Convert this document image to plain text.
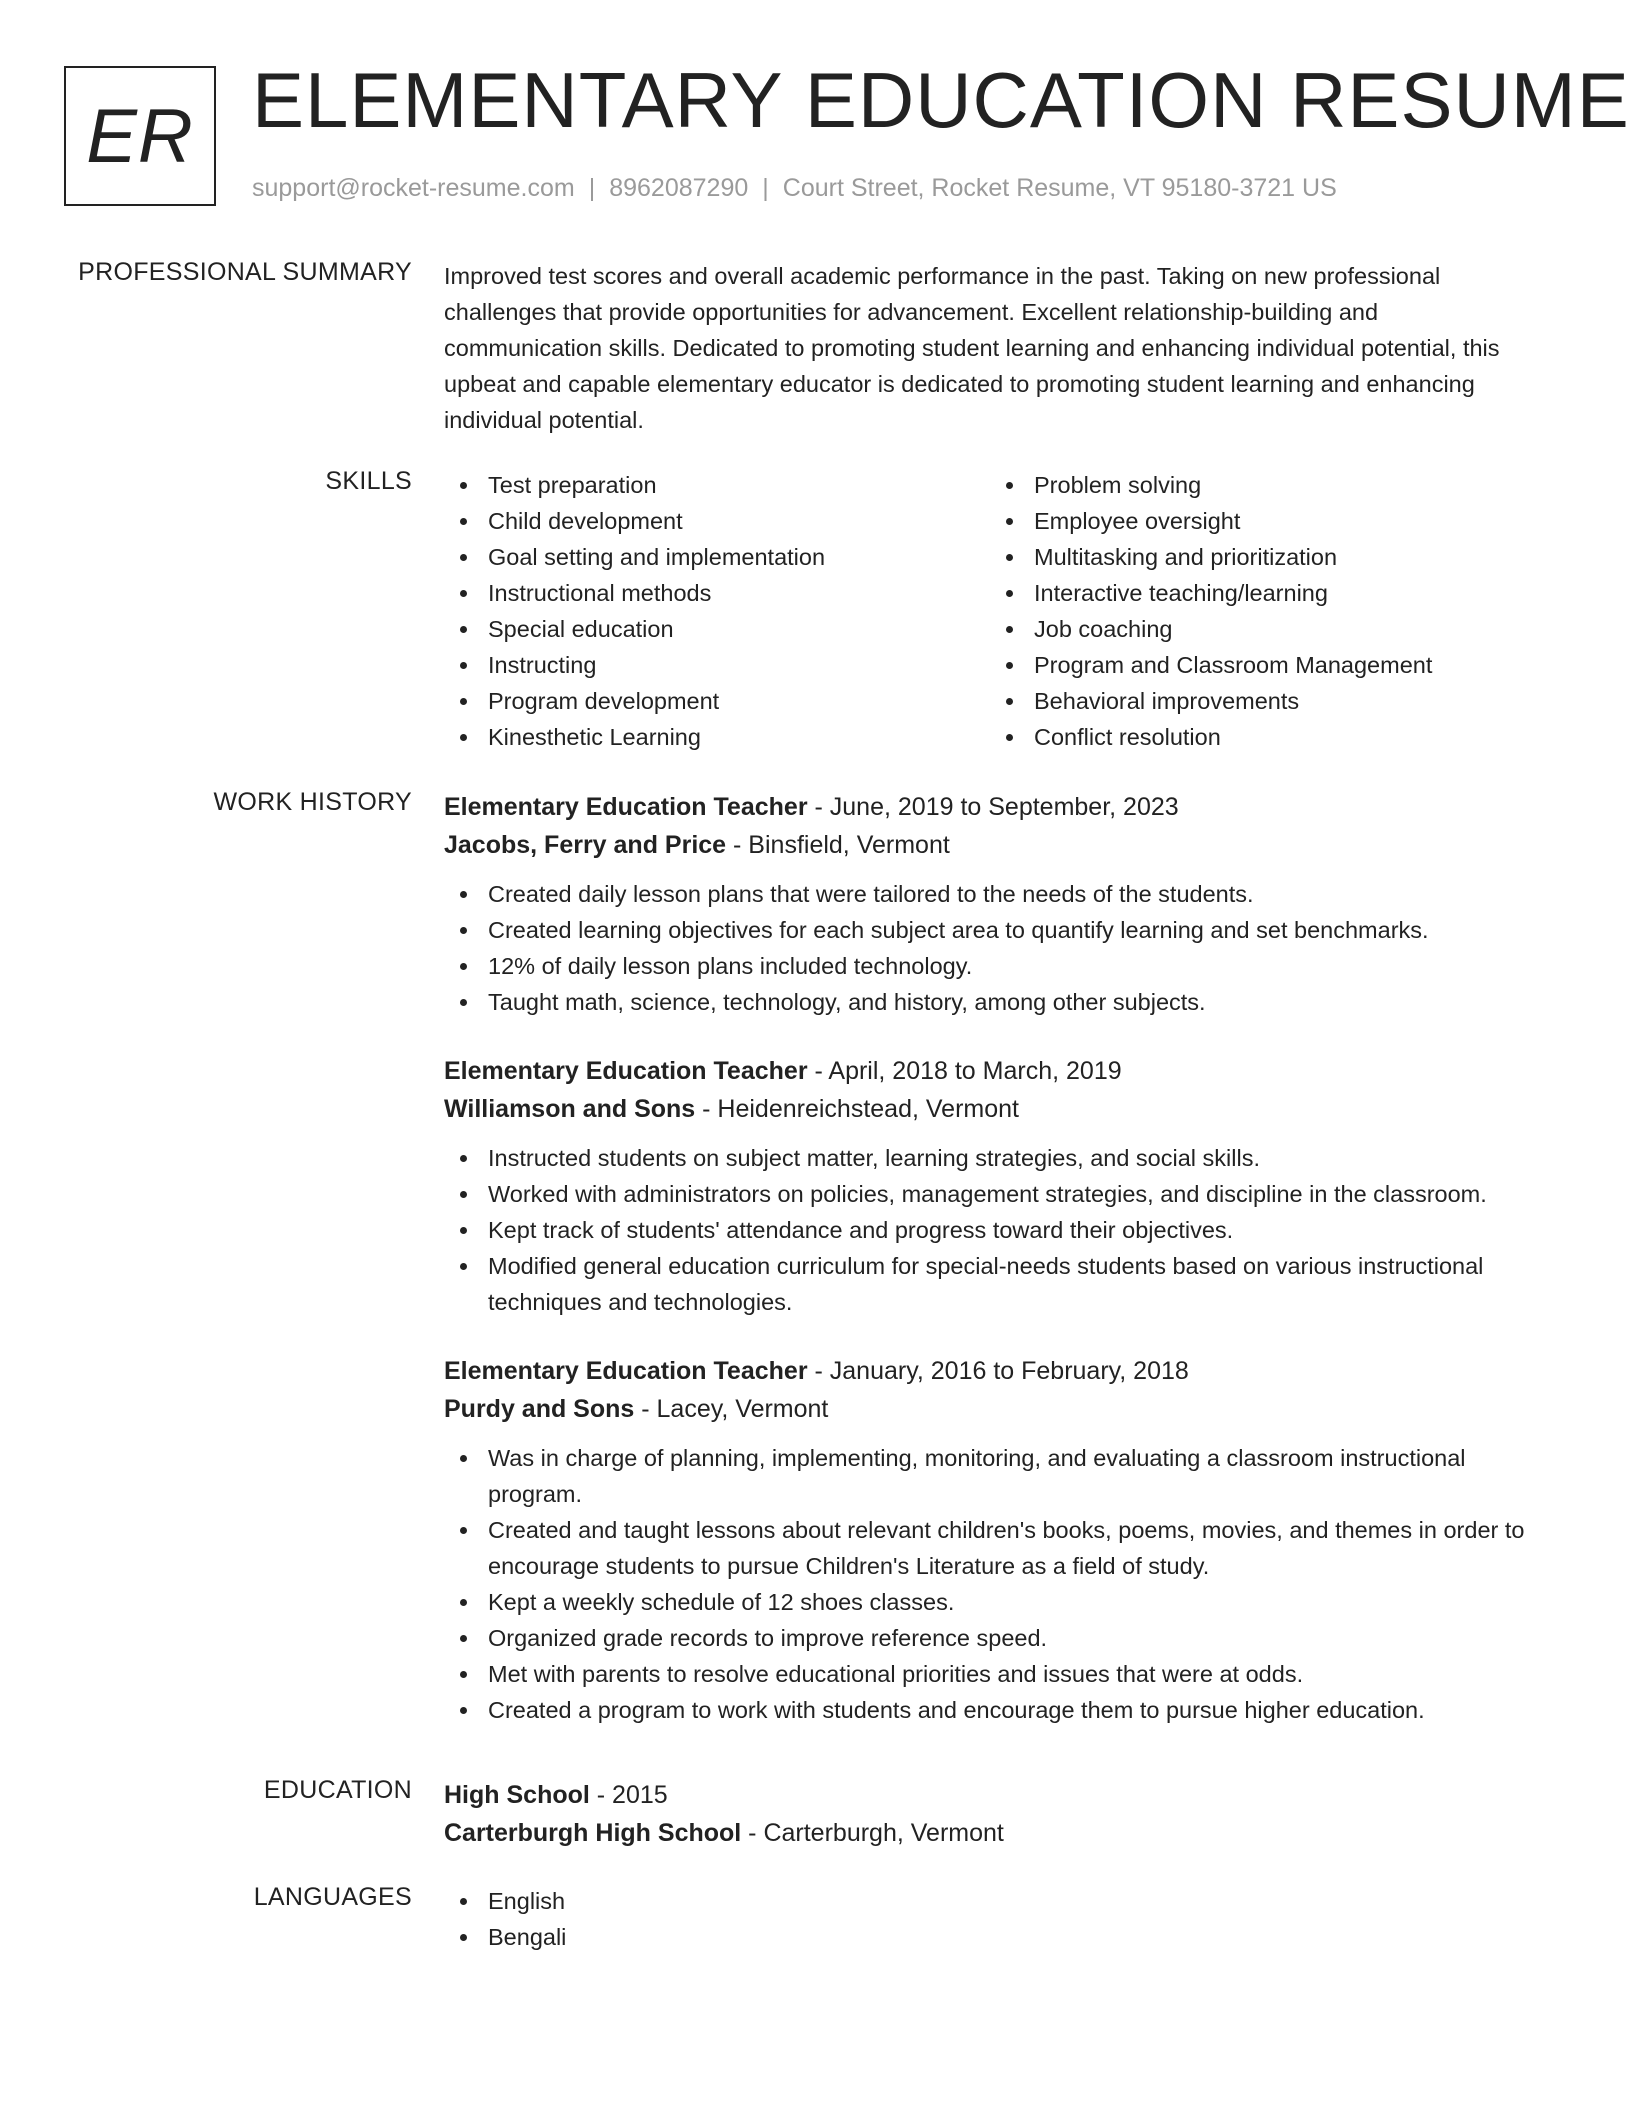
ER ELEMENTARY EDUCATION RESUME
support@rocket-resume.com | 8962087290 | Court Street, Rocket Resume, VT 95180-3721 US
PROFESSIONAL SUMMARY Improved test scores and overall academic performance in the past. Taking on new professional challenges that provide opportunities for advancement. Excellent relationship-building and communication skills. Dedicated to promoting student learning and enhancing individual potential, this upbeat and capable elementary educator is dedicated to promoting student learning and enhancing individual potential.
SKILLS	Test preparation
Child development
Goal setting and implementation
Instructional methods
Special education
Instructing
Program development
Kinesthetic Learning
Problem solving
Employee oversight
Multitasking and prioritization
Interactive teaching/learning
Job coaching
Program and Classroom Management
Behavioral improvements
Conflict resolution
WORK HISTORY Elementary Education Teacher - June, 2019 to September, 2023
Jacobs, Ferry and Price - Binsfield, Vermont
Created daily lesson plans that were tailored to the needs of the students.
Created learning objectives for each subject area to quantify learning and set benchmarks.
12% of daily lesson plans included technology.
Taught math, science, technology, and history, among other subjects.
Elementary Education Teacher - April, 2018 to March, 2019
Williamson and Sons - Heidenreichstead, Vermont
Instructed students on subject matter, learning strategies, and social skills.
Worked with administrators on policies, management strategies, and discipline in the classroom.
Kept track of students' attendance and progress toward their objectives.
Modified general education curriculum for special-needs students based on various instructional techniques and technologies.
Elementary Education Teacher - January, 2016 to February, 2018
Purdy and Sons - Lacey, Vermont
Was in charge of planning, implementing, monitoring, and evaluating a classroom instructional program.
Created and taught lessons about relevant children's books, poems, movies, and themes in order to encourage students to pursue Children's Literature as a field of study.
Kept a weekly schedule of 12 shoes classes.
Organized grade records to improve reference speed.
Met with parents to resolve educational priorities and issues that were at odds.
Created a program to work with students and encourage them to pursue higher education.
EDUCATION High School - 2015
Carterburgh High School - Carterburgh, Vermont
LANGUAGES	English
Bengali
